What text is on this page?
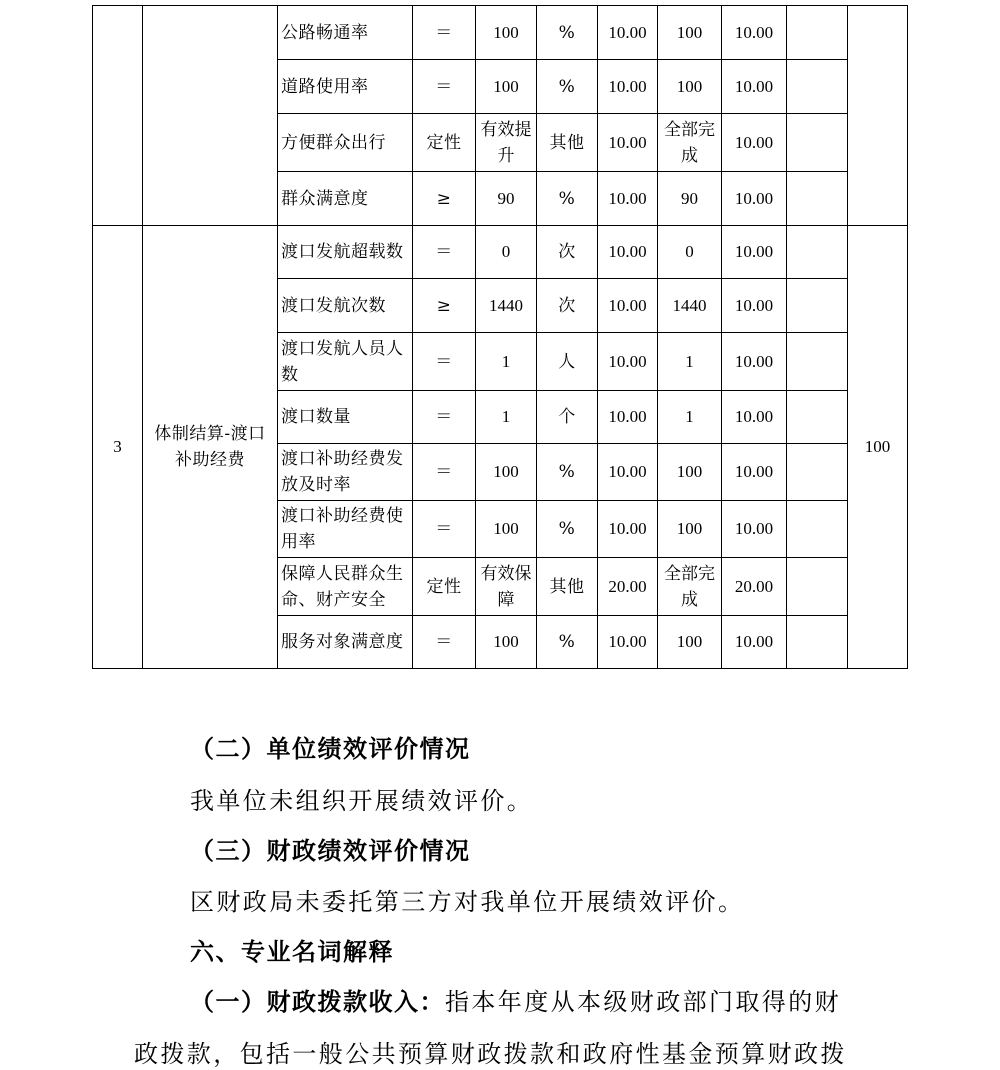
		公路畅通率	＝	100	%	10.00	100	10.00		
		道路使用率	＝	100	%	10.00	100	10.00		
		方便群众出行	定性	有效提升	其他	10.00	全部完成	10.00		
		群众满意度	≥	90	%	10.00	90	10.00		
3	体制结算-渡口补助经费	渡口发航超载数	＝	0	次	10.00	0	10.00		100
		渡口发航次数	≥	1440	次	10.00	1440	10.00		
		渡口发航人员人数	＝	1	人	10.00	1	10.00		
		渡口数量	＝	1	个	10.00	1	10.00		
		渡口补助经费发放及时率	＝	100	%	10.00	100	10.00		
		渡口补助经费使用率	＝	100	%	10.00	100	10.00		
		保障人民群众生命、财产安全	定性	有效保障	其他	20.00	全部完成	20.00		
		服务对象满意度	＝	100	%	10.00	100	10.00		

（二）单位绩效评价情况

我单位未组织开展绩效评价。

（三）财政绩效评价情况

区财政局未委托第三方对我单位开展绩效评价。

六、专业名词解释

（一）财政拨款收入：指本年度从本级财政部门取得的财

政拨款，包括一般公共预算财政拨款和政府性基金预算财政拨
